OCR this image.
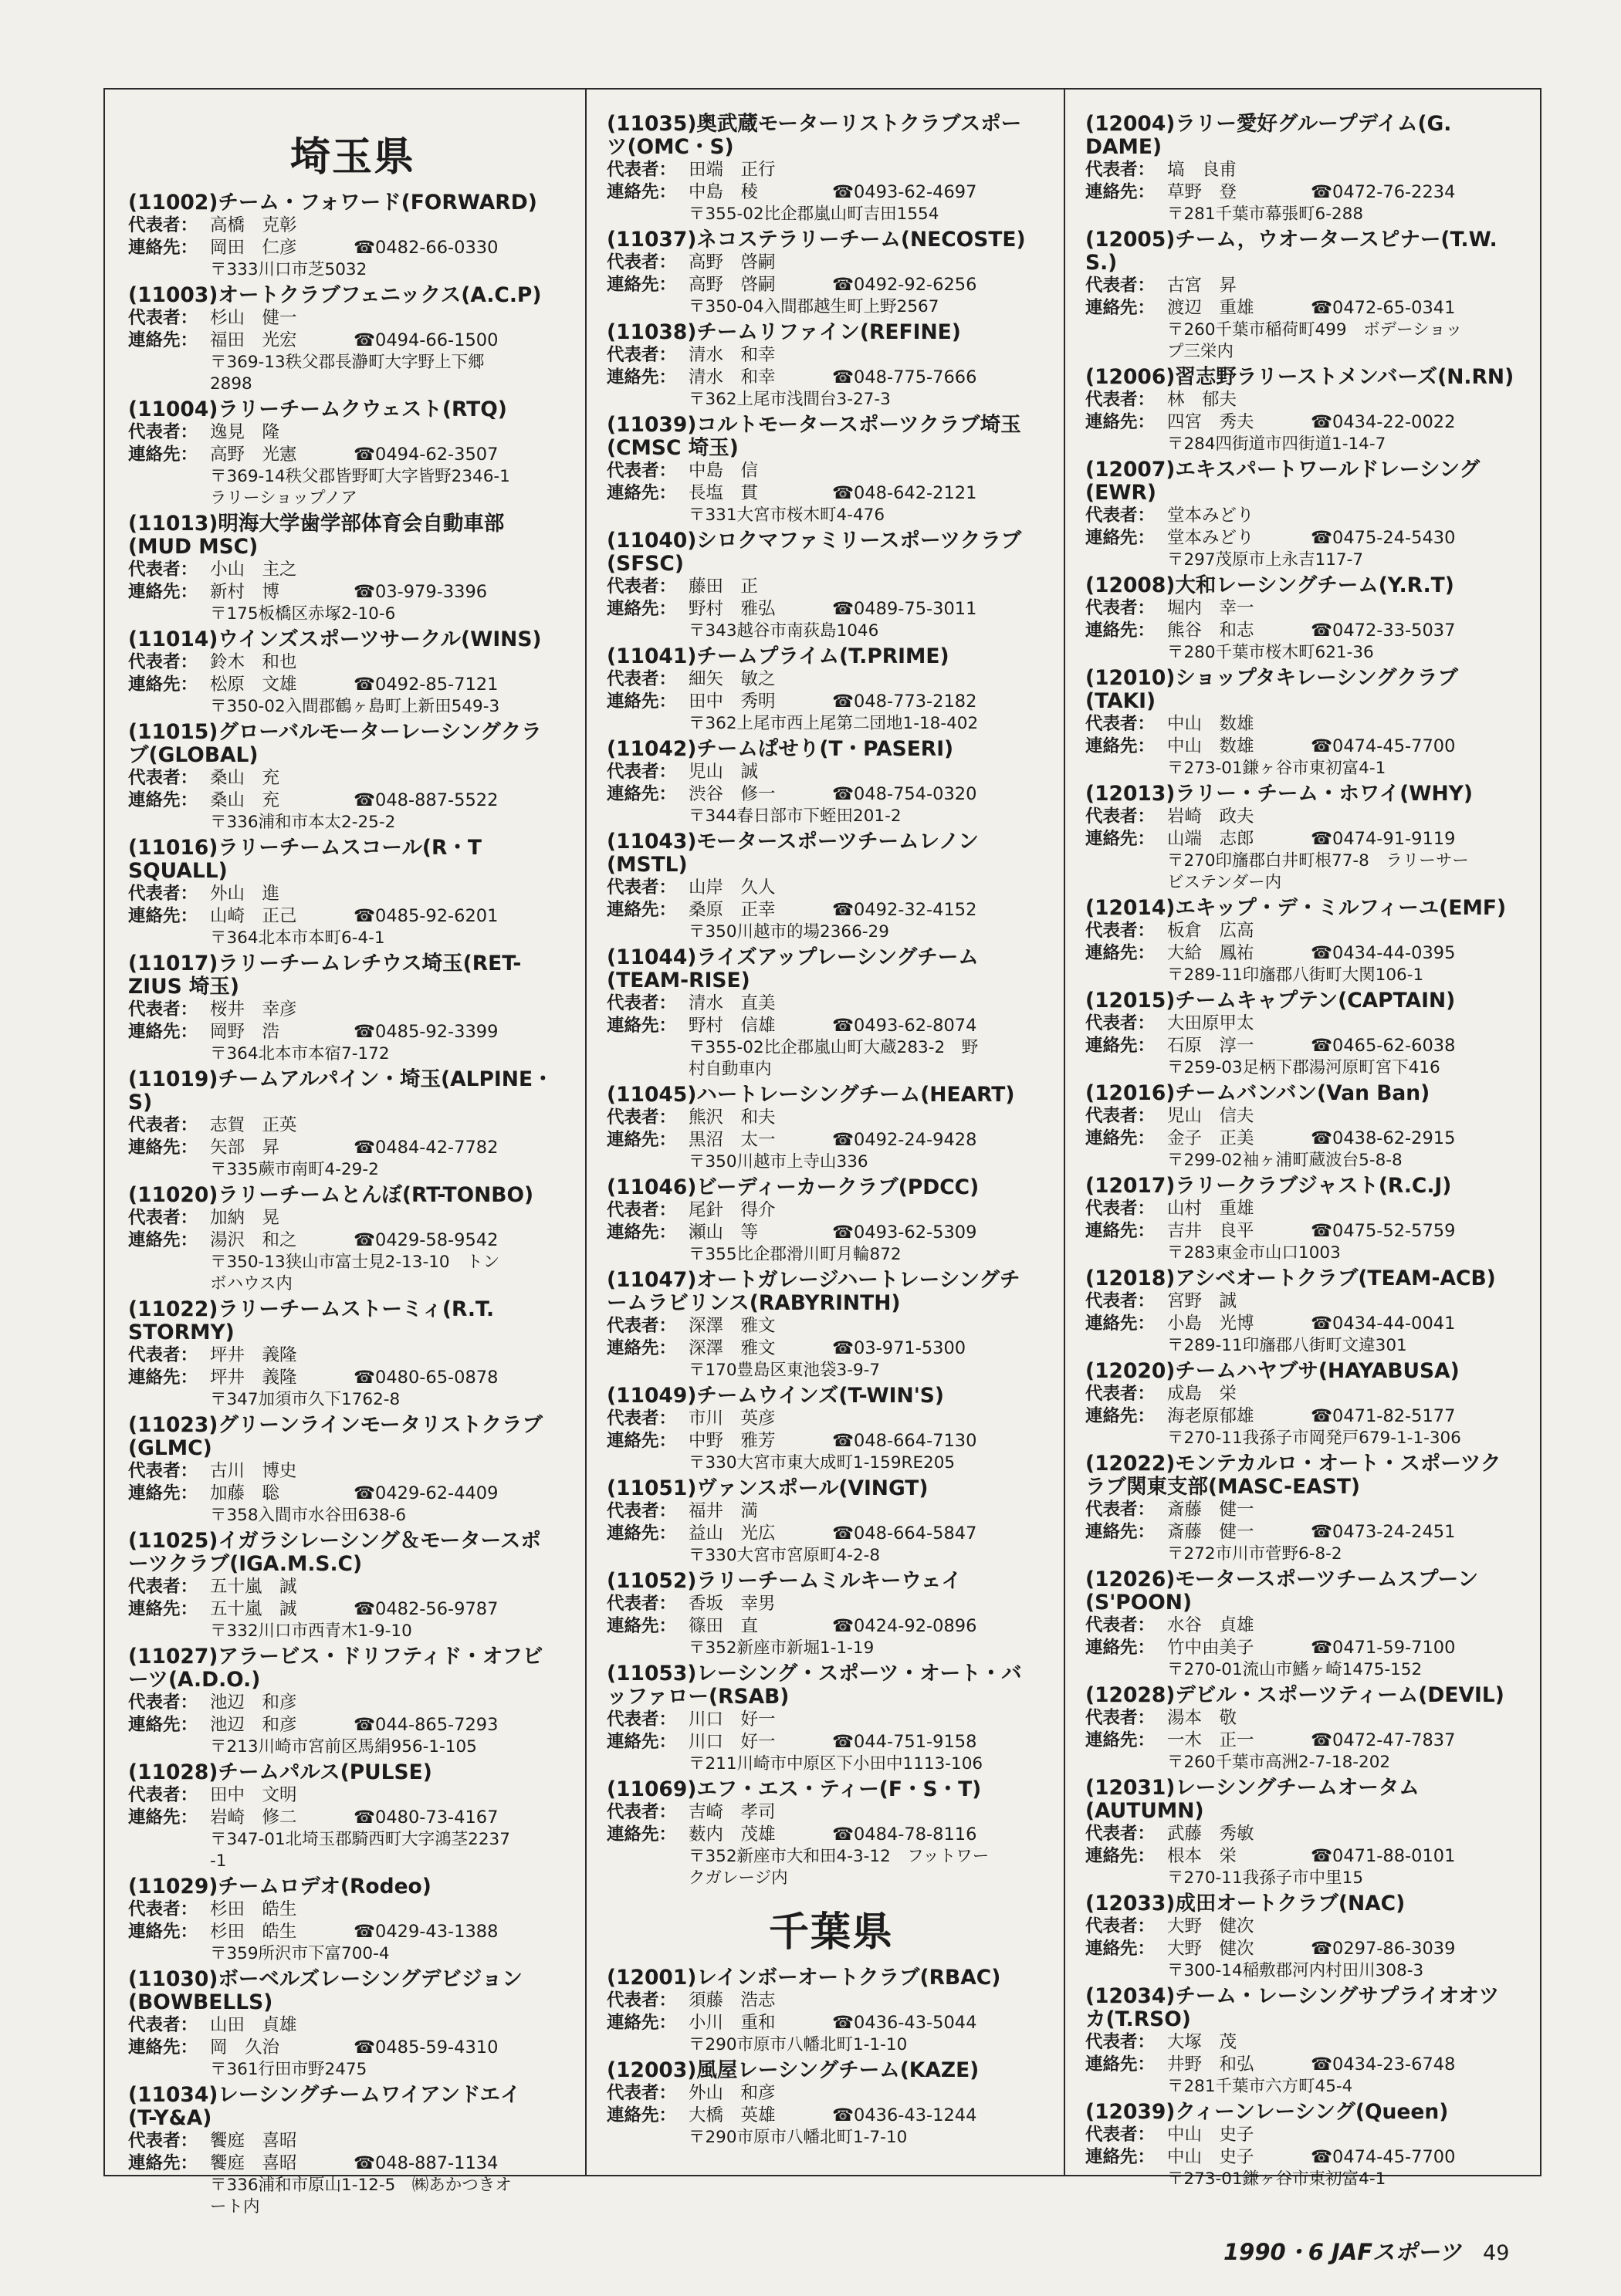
埼玉県
(11002)チーム・フォワード(FORWARD)
代表者： 高橋　克彰
連絡先： 岡田　仁彦	☎0482-66-0330
〒333川口市芝5032
(11003)オートクラブフェニックス(A.C.P)
代表者： 杉山　健一
連絡先： 福田　光宏	☎0494-66-1500
〒369-13秩父郡長瀞町大字野上下郷
2898
(11004)ラリーチームクウェスト(RTQ)
代表者： 逸見　隆
連絡先： 高野　光憲	☎0494-62-3507
〒369-14秩父郡皆野町大字皆野2346-1
ラリーショップノア
(11013)明海大学歯学部体育会自動車部
(MUD MSC)
代表者： 小山　主之
連絡先： 新村　博	☎03-979-3396
〒175板橋区赤塚2-10-6
(11014)ウインズスポーツサークル(WINS)
代表者： 鈴木　和也
連絡先： 松原　文雄	☎0492-85-7121
〒350-02入間郡鶴ヶ島町上新田549-3
(11015)グローバルモーターレーシングクラ
ブ(GLOBAL)
代表者： 桑山　充
連絡先： 桑山　充	☎048-887-5522
〒336浦和市本太2-25-2
(11016)ラリーチームスコール(R・T
SQUALL)
代表者： 外山　進
連絡先： 山崎　正己	☎0485-92-6201
〒364北本市本町6-4-1
(11017)ラリーチームレチウス埼玉(RET-
ZIUS 埼玉)
代表者： 桜井　幸彦
連絡先： 岡野　浩	☎0485-92-3399
〒364北本市本宿7-172
(11019)チームアルパイン・埼玉(ALPINE・
S)
代表者： 志賀　正英
連絡先： 矢部　昇	☎0484-42-7782
〒335蕨市南町4-29-2
(11020)ラリーチームとんぼ(RT-TONBO)
代表者： 加納　晃
連絡先： 湯沢　和之	☎0429-58-9542
〒350-13狭山市富士見2-13-10　トン
ボハウス内
(11022)ラリーチームストーミィ(R.T.
STORMY)
代表者： 坪井　義隆
連絡先： 坪井　義隆	☎0480-65-0878
〒347加須市久下1762-8
(11023)グリーンラインモータリストクラブ
(GLMC)
代表者： 古川　博史
連絡先： 加藤　聡	☎0429-62-4409
〒358入間市水谷田638-6
(11025)イガラシレーシング＆モータースポ
ーツクラブ(IGA.M.S.C)
代表者： 五十嵐　誠
連絡先： 五十嵐　誠	☎0482-56-9787
〒332川口市西青木1-9-10
(11027)アラービス・ドリフティド・オフビ
ーツ(A.D.O.)
代表者： 池辺　和彦
連絡先： 池辺　和彦	☎044-865-7293
〒213川崎市宮前区馬絹956-1-105
(11028)チームパルス(PULSE)
代表者： 田中　文明
連絡先： 岩崎　修二	☎0480-73-4167
〒347-01北埼玉郡騎西町大字鴻茎2237
-1
(11029)チームロデオ(Rodeo)
代表者： 杉田　皓生
連絡先： 杉田　皓生	☎0429-43-1388
〒359所沢市下富700-4
(11030)ボーベルズレーシングデビジョン
(BOWBELLS)
代表者： 山田　貞雄
連絡先： 岡　久治	☎0485-59-4310
〒361行田市野2475
(11034)レーシングチームワイアンドエイ
(T-Y&A)
代表者： 饗庭　喜昭
連絡先： 饗庭　喜昭	☎048-887-1134
〒336浦和市原山1-12-5　㈱あかつきオ
ート内
(11035)奥武蔵モーターリストクラブスポー
ツ(OMC・S)
代表者： 田端　正行
連絡先： 中島　稜	☎0493-62-4697
〒355-02比企郡嵐山町吉田1554
(11037)ネコステラリーチーム(NECOSTE)
代表者： 高野　啓嗣
連絡先： 高野　啓嗣	☎0492-92-6256
〒350-04入間郡越生町上野2567
(11038)チームリファイン(REFINE)
代表者： 清水　和幸
連絡先： 清水　和幸	☎048-775-7666
〒362上尾市浅間台3-27-3
(11039)コルトモータースポーツクラブ埼玉
(CMSC 埼玉)
代表者： 中島　信
連絡先： 長塩　貫	☎048-642-2121
〒331大宮市桜木町4-476
(11040)シロクマファミリースポーツクラブ
(SFSC)
代表者： 藤田　正
連絡先： 野村　雅弘	☎0489-75-3011
〒343越谷市南荻島1046
(11041)チームプライム(T.PRIME)
代表者： 細矢　敏之
連絡先： 田中　秀明	☎048-773-2182
〒362上尾市西上尾第二団地1-18-402
(11042)チームぱせり(T・PASERI)
代表者： 児山　誠
連絡先： 渋谷　修一	☎048-754-0320
〒344春日部市下蛭田201-2
(11043)モータースポーツチームレノン
(MSTL)
代表者： 山岸　久人
連絡先： 桑原　正幸	☎0492-32-4152
〒350川越市的場2366-29
(11044)ライズアップレーシングチーム
(TEAM-RISE)
代表者： 清水　直美
連絡先： 野村　信雄	☎0493-62-8074
〒355-02比企郡嵐山町大蔵283-2　野
村自動車内
(11045)ハートレーシングチーム(HEART)
代表者： 熊沢　和夫
連絡先： 黒沼　太一	☎0492-24-9428
〒350川越市上寺山336
(11046)ビーディーカークラブ(PDCC)
代表者： 尾針　得介
連絡先： 瀬山　等	☎0493-62-5309
〒355比企郡滑川町月輪872
(11047)オートガレージハートレーシングチ
ームラビリンス(RABYRINTH)
代表者： 深澤　雅文
連絡先： 深澤　雅文	☎03-971-5300
〒170豊島区東池袋3-9-7
(11049)チームウインズ(T-WIN'S)
代表者： 市川　英彦
連絡先： 中野　雅芳	☎048-664-7130
〒330大宮市東大成町1-159RE205
(11051)ヴァンスポール(VINGT)
代表者： 福井　満
連絡先： 益山　光広	☎048-664-5847
〒330大宮市宮原町4-2-8
(11052)ラリーチームミルキーウェイ
代表者： 香坂　幸男
連絡先： 篠田　直	☎0424-92-0896
〒352新座市新堀1-1-19
(11053)レーシング・スポーツ・オート・バ
ッファロー(RSAB)
代表者： 川口　好一
連絡先： 川口　好一	☎044-751-9158
〒211川崎市中原区下小田中1113-106
(11069)エフ・エス・ティー(F・S・T)
代表者： 吉崎　孝司
連絡先： 薮内　茂雄	☎0484-78-8116
〒352新座市大和田4-3-12　フットワー
クガレージ内
千葉県
(12001)レインボーオートクラブ(RBAC)
代表者： 須藤　浩志
連絡先： 小川　重和	☎0436-43-5044
〒290市原市八幡北町1-1-10
(12003)風屋レーシングチーム(KAZE)
代表者： 外山　和彦
連絡先： 大橋　英雄	☎0436-43-1244
〒290市原市八幡北町1-7-10
(12004)ラリー愛好グループデイム(G.
DAME)
代表者： 塙　良甫
連絡先： 草野　登	☎0472-76-2234
〒281千葉市幕張町6-288
(12005)チーム，ウオータースピナー(T.W.
S.)
代表者： 古宮　昇
連絡先： 渡辺　重雄	☎0472-65-0341
〒260千葉市稲荷町499　ボデーショッ
プ三栄内
(12006)習志野ラリーストメンバーズ(N.RN)
代表者： 林　郁夫
連絡先： 四宮　秀夫	☎0434-22-0022
〒284四街道市四街道1-14-7
(12007)エキスパートワールドレーシング
(EWR)
代表者： 堂本みどり
連絡先： 堂本みどり	☎0475-24-5430
〒297茂原市上永吉117-7
(12008)大和レーシングチーム(Y.R.T)
代表者： 堀内　幸一
連絡先： 熊谷　和志	☎0472-33-5037
〒280千葉市桜木町621-36
(12010)ショップタキレーシングクラブ
(TAKI)
代表者： 中山　数雄
連絡先： 中山　数雄	☎0474-45-7700
〒273-01鎌ヶ谷市東初富4-1
(12013)ラリー・チーム・ホワイ(WHY)
代表者： 岩崎　政夫
連絡先： 山端　志郎	☎0474-91-9119
〒270印旛郡白井町根77-8　ラリーサー
ビステンダー内
(12014)エキップ・デ・ミルフィーユ(EMF)
代表者： 板倉　広高
連絡先： 大給　鳳祐	☎0434-44-0395
〒289-11印旛郡八街町大関106-1
(12015)チームキャプテン(CAPTAIN)
代表者： 大田原甲太
連絡先： 石原　淳一	☎0465-62-6038
〒259-03足柄下郡湯河原町宮下416
(12016)チームバンバン(Van Ban)
代表者： 児山　信夫
連絡先： 金子　正美	☎0438-62-2915
〒299-02袖ヶ浦町蔵波台5-8-8
(12017)ラリークラブジャスト(R.C.J)
代表者： 山村　重雄
連絡先： 吉井　良平	☎0475-52-5759
〒283東金市山口1003
(12018)アシベオートクラブ(TEAM-ACB)
代表者： 宮野　誠
連絡先： 小島　光博	☎0434-44-0041
〒289-11印旛郡八街町文違301
(12020)チームハヤブサ(HAYABUSA)
代表者： 成島　栄
連絡先： 海老原郁雄	☎0471-82-5177
〒270-11我孫子市岡発戸679-1-1-306
(12022)モンテカルロ・オート・スポーツク
ラブ関東支部(MASC-EAST)
代表者： 斎藤　健一
連絡先： 斎藤　健一	☎0473-24-2451
〒272市川市菅野6-8-2
(12026)モータースポーツチームスプーン
(S'POON)
代表者： 水谷　貞雄
連絡先： 竹中由美子	☎0471-59-7100
〒270-01流山市鰭ヶ崎1475-152
(12028)デビル・スポーツティーム(DEVIL)
代表者： 湯本　敬
連絡先： 一木　正一	☎0472-47-7837
〒260千葉市高洲2-7-18-202
(12031)レーシングチームオータム
(AUTUMN)
代表者： 武藤　秀敏
連絡先： 根本　栄	☎0471-88-0101
〒270-11我孫子市中里15
(12033)成田オートクラブ(NAC)
代表者： 大野　健次
連絡先： 大野　健次	☎0297-86-3039
〒300-14稲敷郡河内村田川308-3
(12034)チーム・レーシングサプライオオツ
カ(T.RSO)
代表者： 大塚　茂
連絡先： 井野　和弘	☎0434-23-6748
〒281千葉市六方町45-4
(12039)クィーンレーシング(Queen)
代表者： 中山　史子
連絡先： 中山　史子	☎0474-45-7700
〒273-01鎌ヶ谷市東初富4-1
1990・6 JAFスポーツ 49
